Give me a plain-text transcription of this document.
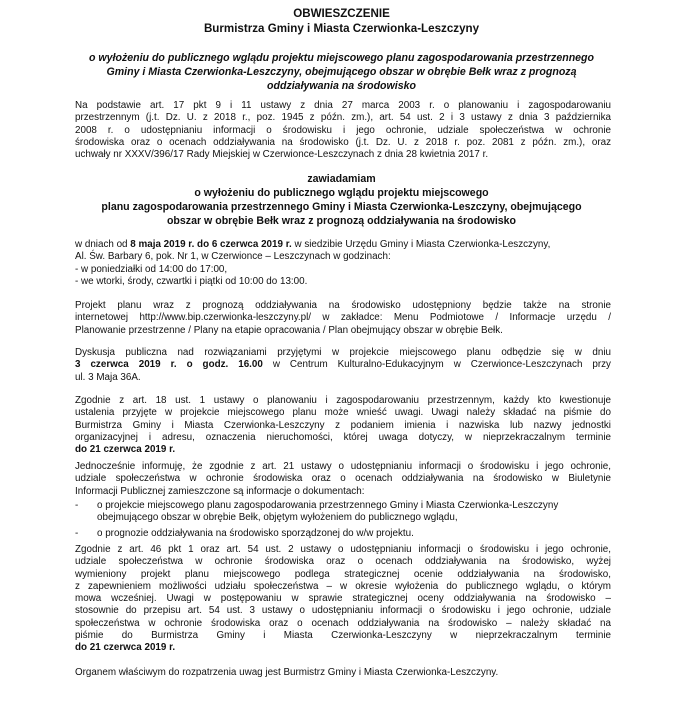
OBWIESZCZENIE
Burmistrza Gminy i Miasta Czerwionka-Leszczyny
o wyłożeniu do publicznego wglądu projektu miejscowego planu zagospodarowania przestrzennego
Gminy i Miasta Czerwionka-Leszczyny, obejmującego obszar w obrębie Bełk wraz z prognozą
oddziaływania na środowisko
Na podstawie art. 17 pkt 9 i 11 ustawy z dnia 27 marca 2003 r. o planowaniu i zagospodarowaniu
przestrzennym (j.t. Dz. U. z 2018 r., poz. 1945 z późn. zm.), art. 54 ust. 2 i 3 ustawy z dnia 3 października
2008 r. o udostępnianiu informacji o środowisku i jego ochronie, udziale społeczeństwa w ochronie
środowiska oraz o ocenach oddziaływania na środowisko (j.t. Dz. U. z 2018 r. poz. 2081 z późn. zm.), oraz
uchwały nr XXXV/396/17 Rady Miejskiej w Czerwionce-Leszczynach z dnia 28 kwietnia 2017 r.
zawiadamiam
o wyłożeniu do publicznego wglądu projektu miejscowego
planu zagospodarowania przestrzennego Gminy i Miasta Czerwionka-Leszczyny, obejmującego
obszar w obrębie Bełk wraz z prognozą oddziaływania na środowisko
w dniach od 8 maja 2019 r. do 6 czerwca 2019 r. w siedzibie Urzędu Gminy i Miasta Czerwionka-Leszczyny,
Al. Św. Barbary 6, pok. Nr 1, w Czerwionce – Leszczynach w godzinach:
- w poniedziałki od 14:00 do 17:00,
- we wtorki, środy, czwartki i piątki od 10:00 do 13:00.
Projekt planu wraz z prognozą oddziaływania na środowisko udostępniony będzie także na stronie
internetowej http://www.bip.czerwionka-leszczyny.pl/ w zakładce: Menu Podmiotowe / Informacje urzędu /
Planowanie przestrzenne / Plany na etapie opracowania / Plan obejmujący obszar w obrębie Bełk.
Dyskusja publiczna nad rozwiązaniami przyjętymi w projekcie miejscowego planu odbędzie się w dniu
3 czerwca 2019 r. o godz. 16.00 w Centrum Kulturalno-Edukacyjnym w Czerwionce-Leszczynach przy
ul. 3 Maja 36A.
Zgodnie z art. 18 ust. 1 ustawy o planowaniu i zagospodarowaniu przestrzennym, każdy kto kwestionuje
ustalenia przyjęte w projekcie miejscowego planu może wnieść uwagi. Uwagi należy składać na piśmie do
Burmistrza Gminy i Miasta Czerwionka-Leszczyny z podaniem imienia i nazwiska lub nazwy jednostki
organizacyjnej i adresu, oznaczenia nieruchomości, której uwaga dotyczy, w nieprzekraczalnym terminie
do 21 czerwca 2019 r.
Jednocześnie informuję, że zgodnie z art. 21 ustawy o udostępnianiu informacji o środowisku i jego ochronie,
udziale społeczeństwa w ochronie środowiska oraz o ocenach oddziaływania na środowisko w Biuletynie
Informacji Publicznej zamieszczone są informacje o dokumentach:
- o projekcie miejscowego planu zagospodarowania przestrzennego Gminy i Miasta Czerwionka-Leszczyny
obejmującego obszar w obrębie Bełk, objętym wyłożeniem do publicznego wglądu,
- o prognozie oddziaływania na środowisko sporządzonej do w/w projektu.
Zgodnie z art. 46 pkt 1 oraz art. 54 ust. 2 ustawy o udostępnianiu informacji o środowisku i jego ochronie,
udziale społeczeństwa w ochronie środowiska oraz o ocenach oddziaływania na środowisko, wyżej
wymieniony projekt planu miejscowego podlega strategicznej ocenie oddziaływania na środowisko,
z zapewnieniem możliwości udziału społeczeństwa – w okresie wyłożenia do publicznego wglądu, o którym
mowa wcześniej. Uwagi w postępowaniu w sprawie strategicznej oceny oddziaływania na środowisko –
stosownie do przepisu art. 54 ust. 3 ustawy o udostępnianiu informacji o środowisku i jego ochronie, udziale
społeczeństwa w ochronie środowiska oraz o ocenach oddziaływania na środowisko – należy składać na
piśmie do Burmistrza Gminy i Miasta Czerwionka-Leszczyny w nieprzekraczalnym terminie
do 21 czerwca 2019 r.
Organem właściwym do rozpatrzenia uwag jest Burmistrz Gminy i Miasta Czerwionka-Leszczyny.
